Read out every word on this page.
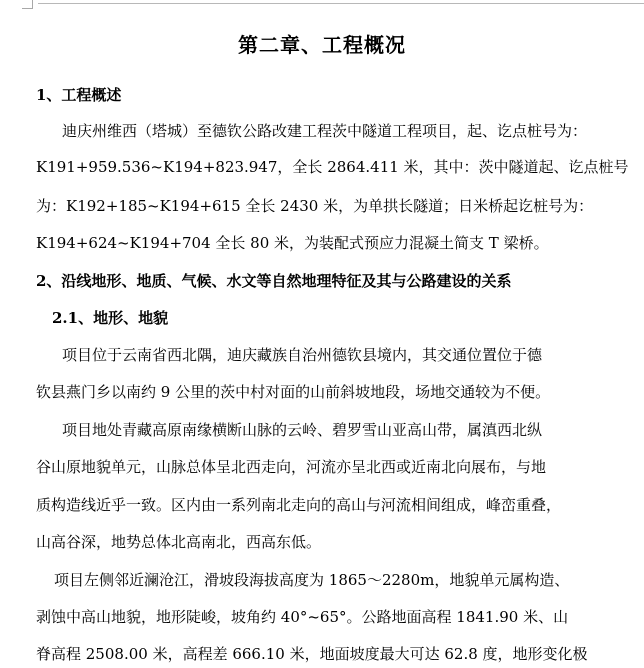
第二章、工程概况
1、工程概述
迪庆州维西（塔城）至德钦公路改建工程茨中隧道工程项目，起、讫点桩号为：
K191+959.536~K194+823.947，全长 2864.411 米，其中：茨中隧道起、讫点桩号
为：K192+185~K194+615 全长 2430 米，为单拱长隧道；日米桥起讫桩号为：
K194+624~K194+704 全长 80 米，为装配式预应力混凝土简支 T 梁桥。
2、沿线地形、地质、气候、水文等自然地理特征及其与公路建设的关系
2.1、地形、地貌
项目位于云南省西北隅，迪庆藏族自治州德钦县境内，其交通位置位于德
钦县燕门乡以南约 9 公里的茨中村对面的山前斜坡地段，场地交通较为不便。
项目地处青藏高原南缘横断山脉的云岭、碧罗雪山亚高山带，属滇西北纵
谷山原地貌单元，山脉总体呈北西走向，河流亦呈北西或近南北向展布，与地
质构造线近乎一致。区内由一系列南北走向的高山与河流相间组成，峰峦重叠，
山高谷深，地势总体北高南北，西高东低。
项目左侧邻近澜沧江，滑坡段海拔高度为 1865～2280m，地貌单元属构造、
剥蚀中高山地貌，地形陡峻，坡角约 40°~65°。公路地面高程 1841.90 米、山
脊高程 2508.00 米，高程差 666.10 米，地面坡度最大可达 62.8 度，地形变化极
